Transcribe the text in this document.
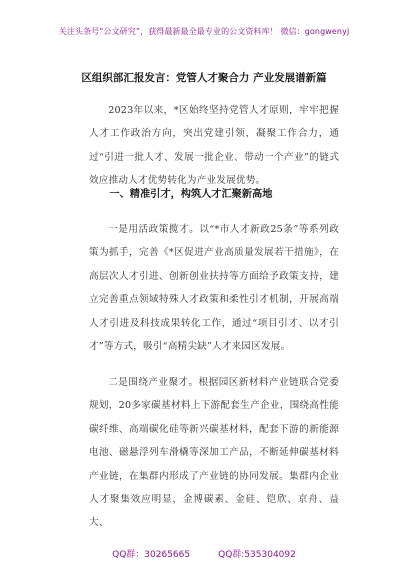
关注头条号“公文研究”，获得最新最全最专业的公文资料库！ 微信：gongwenyj
区组织部汇报发言：党管人才聚合力 产业发展谱新篇
2023年以来，*区始终坚持党管人才原则，牢牢把握人才工作政治方向，突出党建引领，凝聚工作合力，通过“引进一批人才、发展一批企业、带动一个产业”的链式效应推动人才优势转化为产业发展优势。
一、精准引才，构筑人才汇聚新高地
一是用活政策揽才。以“*市人才新政25条”等系列政策为抓手，完善《*区促进产业高质量发展若干措施》，在高层次人才引进、创新创业扶持等方面给予政策支持，建立完善重点领域特殊人才政策和柔性引才机制，开展高端人才引进及科技成果转化工作，通过“项目引才、以才引才”等方式，吸引“高精尖缺”人才来园区发展。
二是围绕产业聚才。根据园区新材料产业链联合党委规划，20多家碳基材料上下游配套生产企业，围绕高性能碳纤维、高端碳化硅等新兴碳基材料，配套下游的新能源电池、磁悬浮列车滑橇等深加工产品，不断延伸碳基材料产业链，在集群内形成了产业链的协同发展。集群内企业人才聚集效应明显，金博碳素、金硅、铠欣、京舟、益大、
QQ群：30265665	QQ群:535304092
